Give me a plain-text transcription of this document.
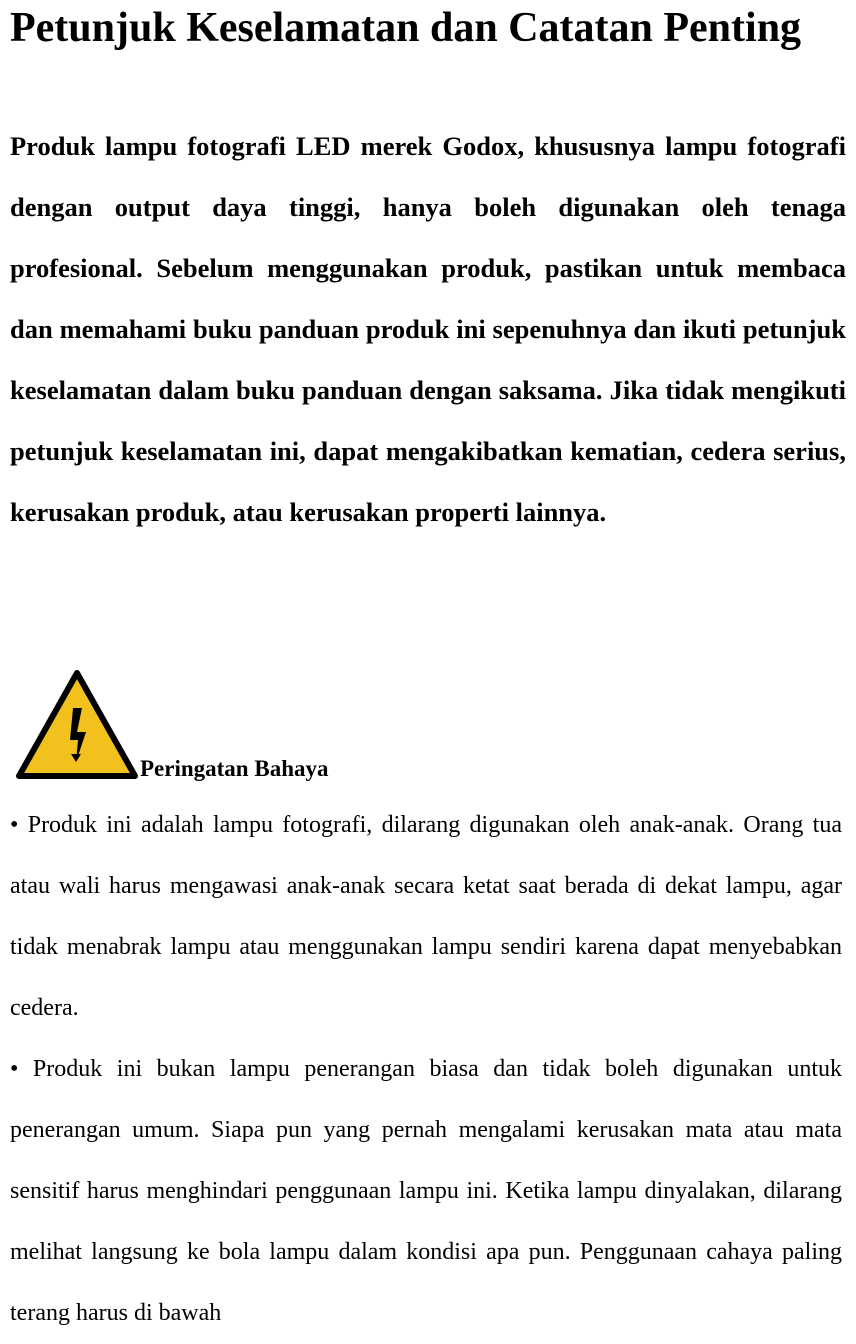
Petunjuk Keselamatan dan Catatan Penting

Produk lampu fotografi LED merek Godox, khususnya lampu fotografi dengan output daya tinggi, hanya boleh digunakan oleh tenaga profesional. Sebelum menggunakan produk, pastikan untuk membaca dan memahami buku panduan produk ini sepenuhnya dan ikuti petunjuk keselamatan dalam buku panduan dengan saksama. Jika tidak mengikuti petunjuk keselamatan ini, dapat mengakibatkan kematian, cedera serius, kerusakan produk, atau kerusakan properti lainnya.

Peringatan Bahaya

• Produk ini adalah lampu fotografi, dilarang digunakan oleh anak-anak. Orang tua atau wali harus mengawasi anak-anak secara ketat saat berada di dekat lampu, agar tidak menabrak lampu atau menggunakan lampu sendiri karena dapat menyebabkan cedera.

• Produk ini bukan lampu penerangan biasa dan tidak boleh digunakan untuk penerangan umum. Siapa pun yang pernah mengalami kerusakan mata atau mata sensitif harus menghindari penggunaan lampu ini. Ketika lampu dinyalakan, dilarang melihat langsung ke bola lampu dalam kondisi apa pun. Penggunaan cahaya paling terang harus di bawah
